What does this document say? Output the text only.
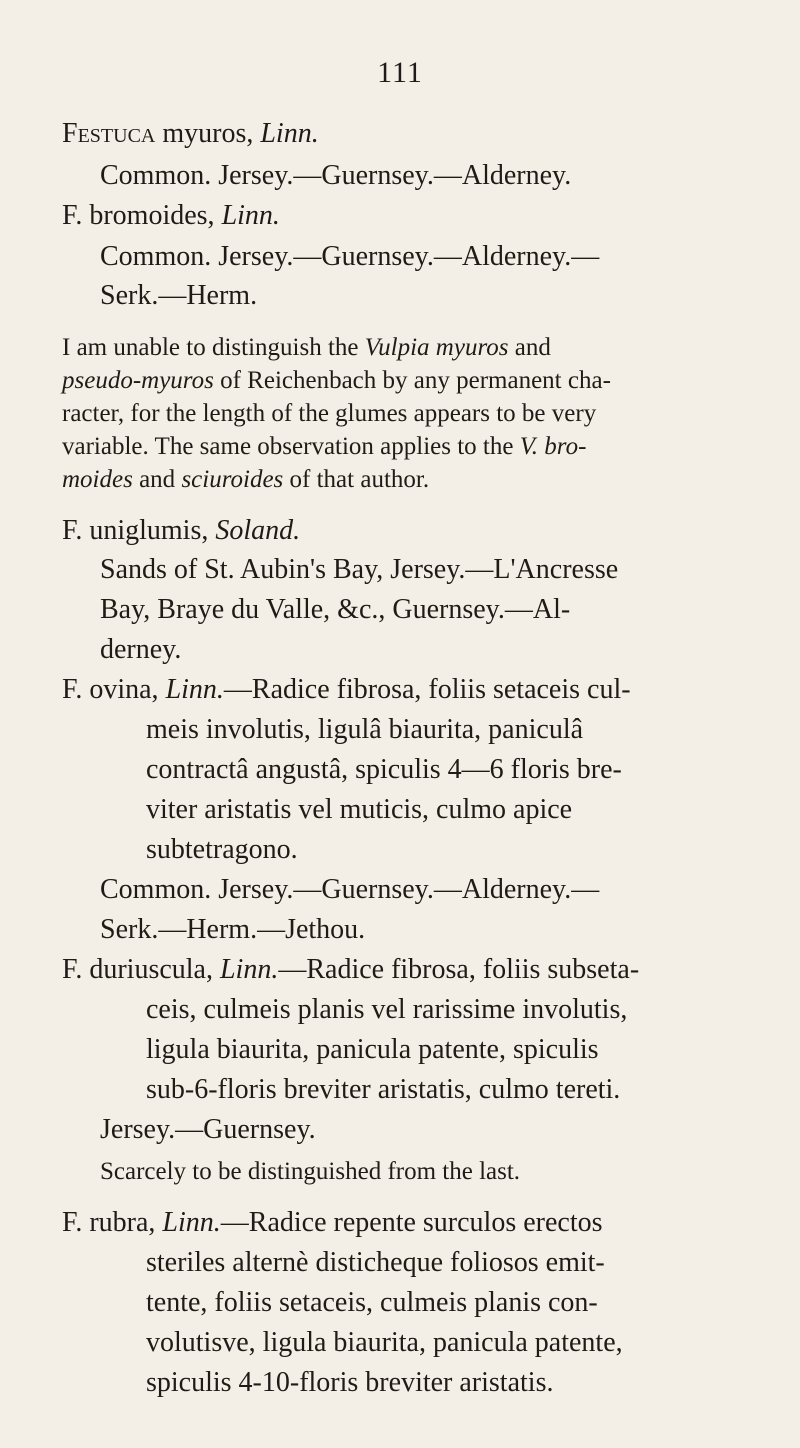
111
Festuca myuros, Linn.
Common. Jersey.—Guernsey.—Alderney.
F. bromoides, Linn.
Common. Jersey.—Guernsey.—Alderney.—
Serk.—Herm.
I am unable to distinguish the Vulpia myuros and
pseudo-myuros of Reichenbach by any permanent cha-
racter, for the length of the glumes appears to be very
variable. The same observation applies to the V. bro-
moides and sciuroides of that author.
F. uniglumis, Soland.
Sands of St. Aubin's Bay, Jersey.—L'Ancresse
Bay, Braye du Valle, &c., Guernsey.—Al-
derney.
F. ovina, Linn.—Radice fibrosa, foliis setaceis cul-
meis involutis, ligulâ biaurita, paniculâ
contractâ angustâ, spiculis 4—6 floris bre-
viter aristatis vel muticis, culmo apice
subtetragono.
Common. Jersey.—Guernsey.—Alderney.—
Serk.—Herm.—Jethou.
F. duriuscula, Linn.—Radice fibrosa, foliis subseta-
ceis, culmeis planis vel rarissime involutis,
ligula biaurita, panicula patente, spiculis
sub-6-floris breviter aristatis, culmo tereti.
Jersey.—Guernsey.
Scarcely to be distinguished from the last.
F. rubra, Linn.—Radice repente surculos erectos
steriles alternè disticheque foliosos emit-
tente, foliis setaceis, culmeis planis con-
volutisve, ligula biaurita, panicula patente,
spiculis 4-10-floris breviter aristatis.
